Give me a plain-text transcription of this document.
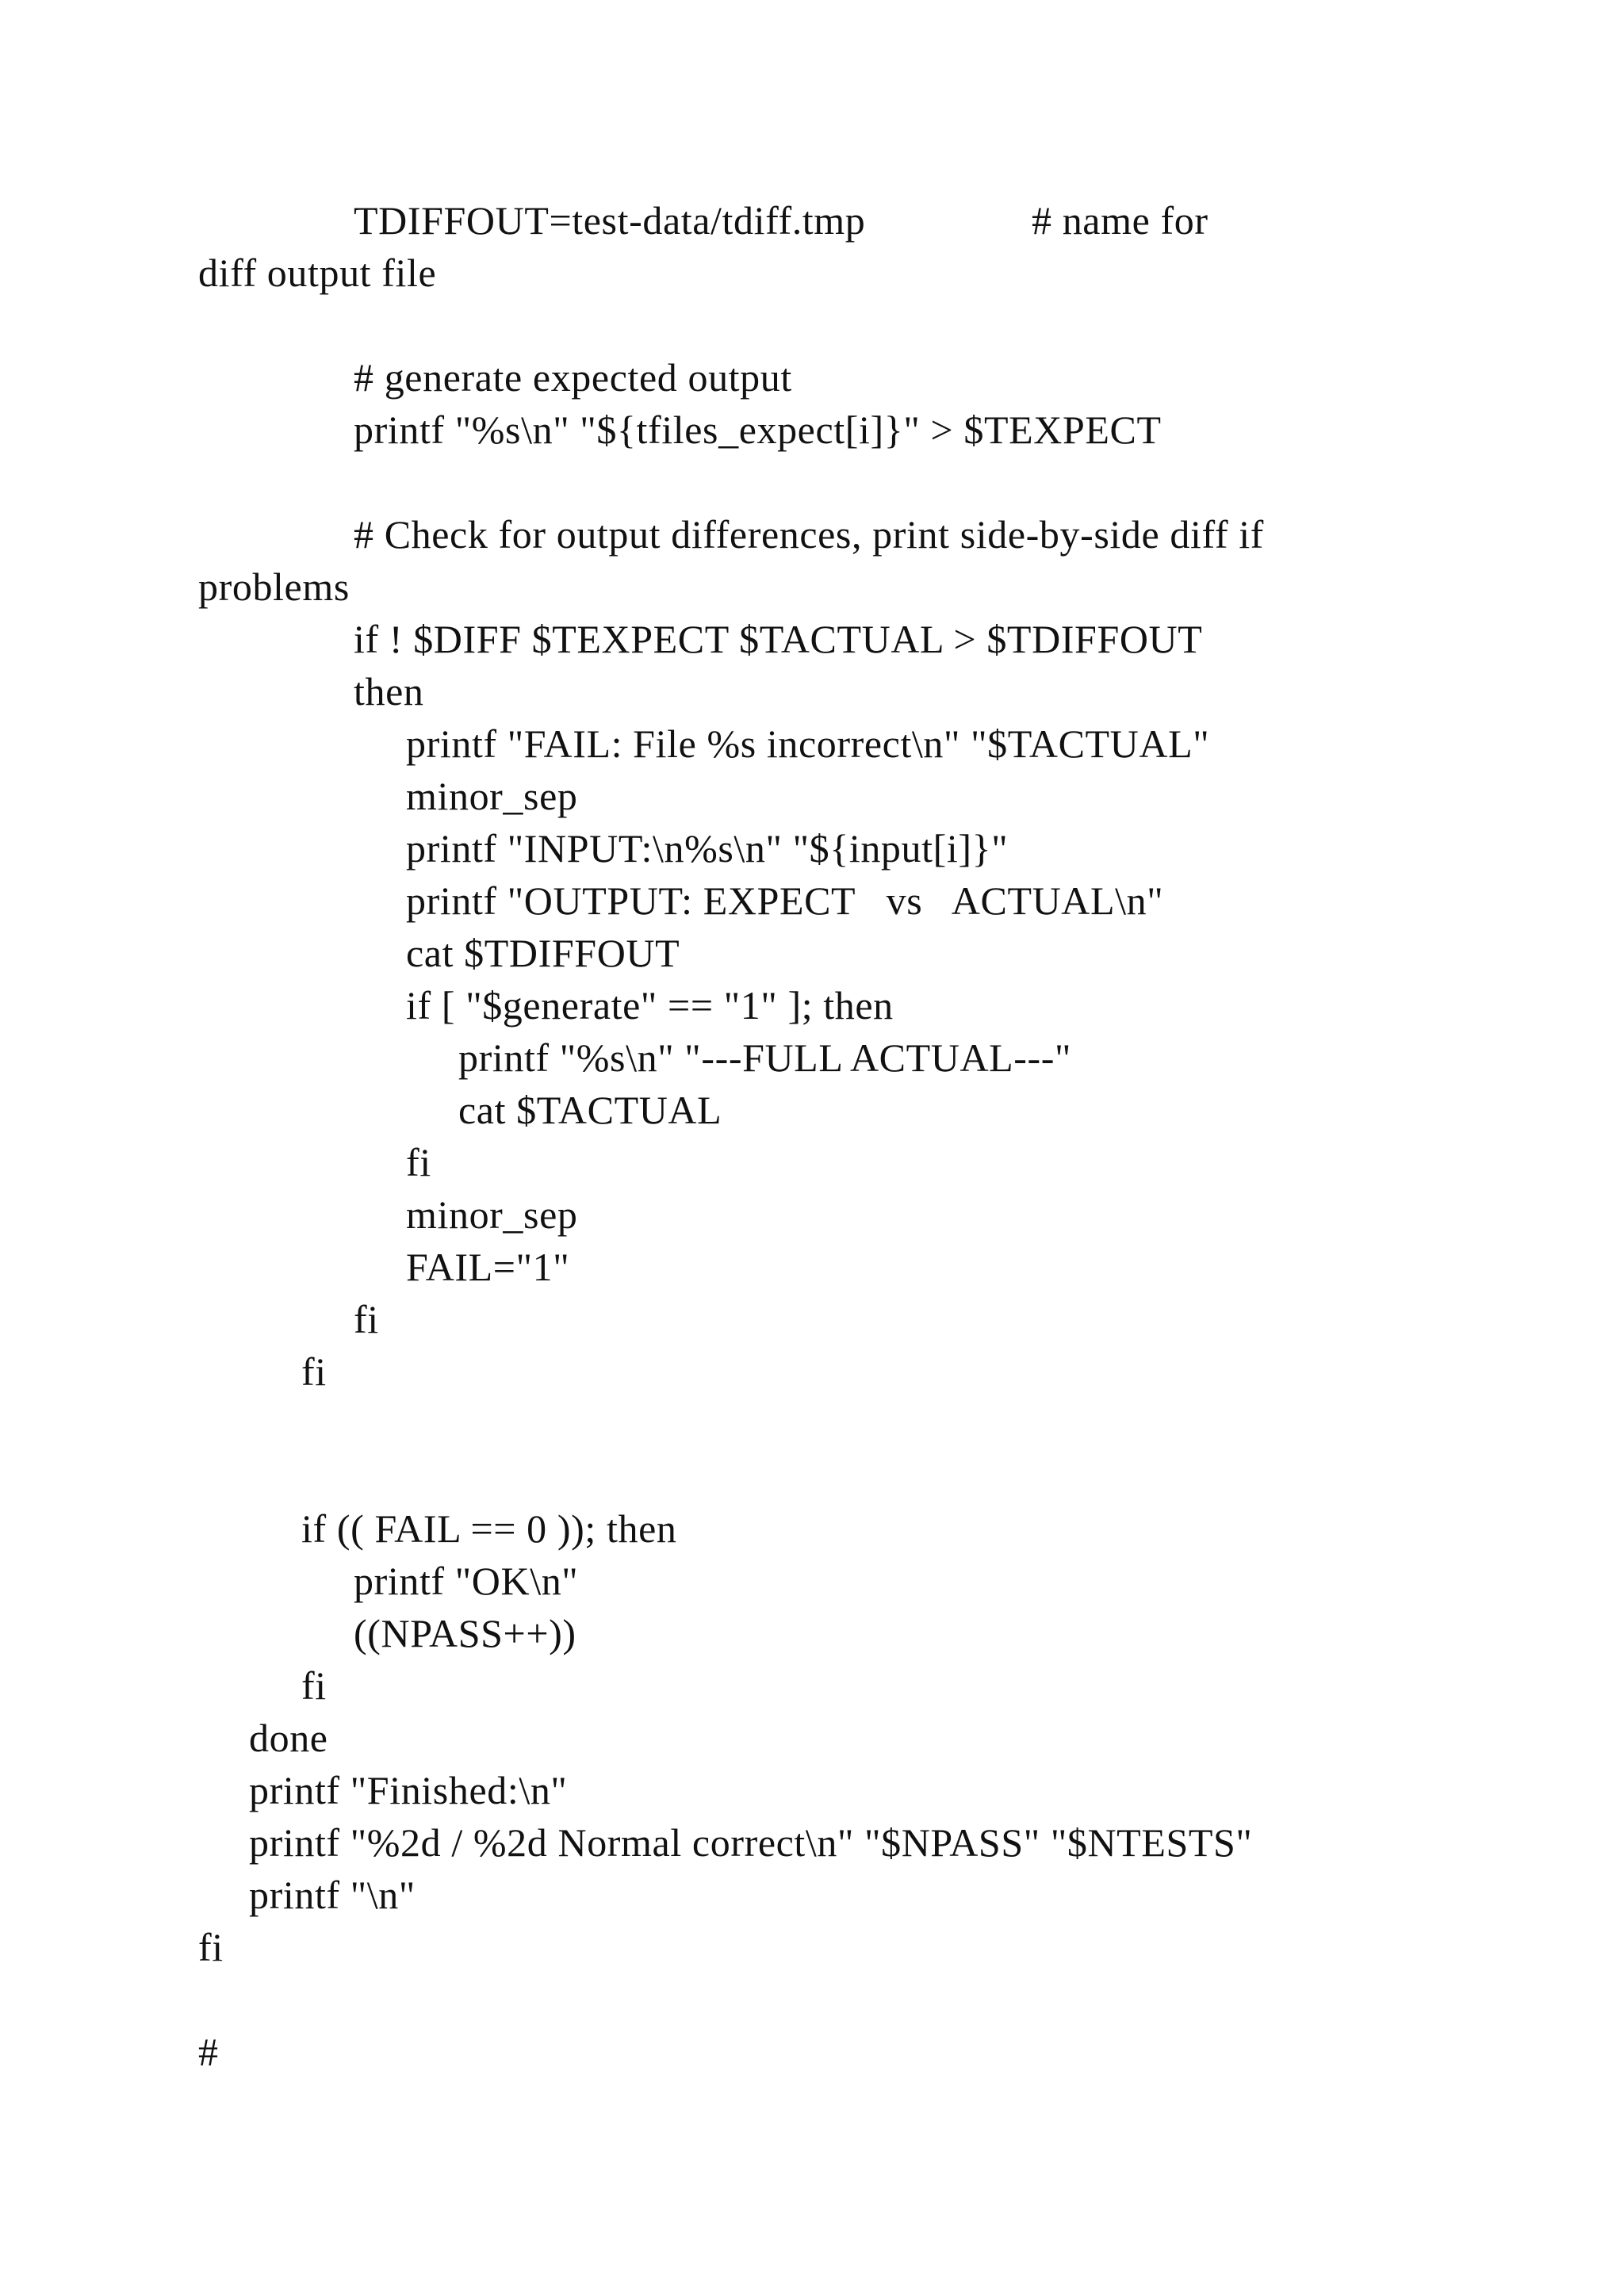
TDIFFOUT=test-data/tdiff.tmp                # name for

diff output file

# generate expected output

printf "%s\n" "${tfiles_expect[i]}" > $TEXPECT

# Check for output differences, print side-by-side diff if

problems

if ! $DIFF $TEXPECT $TACTUAL > $TDIFFOUT

then

printf "FAIL: File %s incorrect\n" "$TACTUAL"

minor_sep

printf "INPUT:\n%s\n" "${input[i]}"

printf "OUTPUT: EXPECT   vs   ACTUAL\n"

cat $TDIFFOUT

if [ "$generate" == "1" ]; then

printf "%s\n" "---FULL ACTUAL---"

cat $TACTUAL

fi

minor_sep

FAIL="1"

fi

fi

if (( FAIL == 0 )); then

printf "OK\n"

((NPASS++))

fi

done

printf "Finished:\n"

printf "%2d / %2d Normal correct\n" "$NPASS" "$NTESTS"

printf "\n"

fi

#
